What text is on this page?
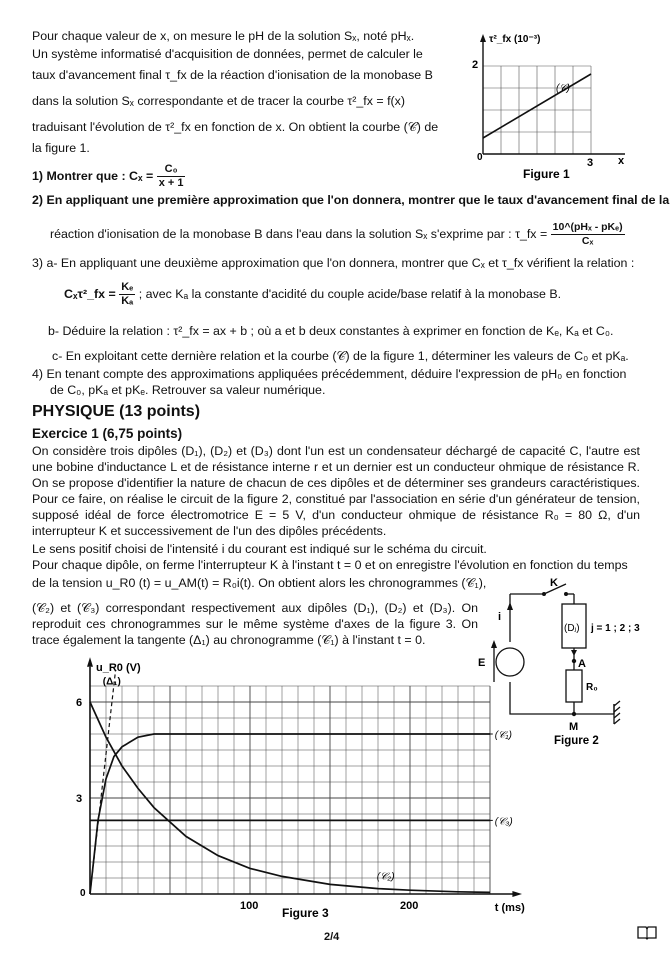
Pour chaque valeur de x, on mesure le pH de la solution Sₓ, noté pHₓ.
Un système informatisé d'acquisition de données, permet de calculer le
taux d'avancement final τ_fx de la réaction d'ionisation de la monobase B
dans la solution Sₓ correspondante et de tracer la courbe τ²_fx = f(x)
traduisant l'évolution de τ²_fx en fonction de x. On obtient la courbe (𝒞) de
la figure 1.
1) Montrer que : $C_x = \frac{\text{C₀}}{x + 1}$
2) En appliquant une première approximation que l'on donnera, montrer que le taux d'avancement final de la
réaction d'ionisation de la monobase B dans l'eau dans la solution Sₓ s'exprime par : τ_fx = $\frac{\text{10\textasciicircum{}(pHₓ - pKₑ)}}{\text{Cₓ}}$
3) a- En appliquant une deuxième approximation que l'on donnera, montrer que Cₓ et τ_fx vérifient la relation :
Cₓτ²_fx = $\frac{\text{Kₑ}}{\text{Kₐ}}$ ; avec Kₐ la constante d'acidité du couple acide/base relatif à la monobase B.
b- Déduire la relation : τ²_fx = ax + b ; où a et b deux constantes à exprimer en fonction de Kₑ, Kₐ et C₀.
c- En exploitant cette dernière relation et la courbe (𝒞) de la figure 1, déterminer les valeurs de C₀ et pKₐ.
4) En tenant compte des approximations appliquées précédemment, déduire l'expression de pH₀ en fonction
de C₀, pKₐ et pKₑ. Retrouver sa valeur numérique.
τ²_fx (10⁻³)
2
0	3 x
(𝒞)
Figure 1
PHYSIQUE (13 points)
Exercice 1 (6,75 points)
On considère trois dipôles (D₁), (D₂) et (D₃) dont l'un est un condensateur déchargé de capacité C, l'autre est une bobine d'inductance L et de résistance interne r et un dernier est un conducteur ohmique de résistance R. On se propose d'identifier la nature de chacun de ces dipôles et de déterminer ses grandeurs caractéristiques. Pour ce faire, on réalise le circuit de la figure 2, constitué par l'association en série d'un générateur de tension, supposé idéal de force électromotrice E = 5 V, d'un conducteur ohmique de résistance R₀ = 80 Ω, d'un interrupteur K et successivement de l'un des dipôles précédents.
Le sens positif choisi de l'intensité i du courant est indiqué sur le schéma du circuit.
Pour chaque dipôle, on ferme l'interrupteur K à l'instant t = 0 et on enregistre l'évolution en fonction du temps
de la tension u_R0 (t) = u_AM(t) = R₀i(t). On obtient alors les chronogrammes (𝒞₁),
(𝒞₂) et (𝒞₃) correspondant respectivement aux dipôles (D₁), (D₂) et (D₃). On reproduit ces chronogrammes sur le même système d'axes de la figure 3. On trace également la tangente (Δ₁) au chronogramme (𝒞₁) à l'instant t = 0.
K
i
E
(Dⱼ) j = 1 ; 2 ; 3
A
R₀
M
Figure 2
(𝒞₁)
(𝒞₂)
(𝒞₃)
(Δ₁)
3
6
100	200
0
u_R0 (V)
t (ms)
Figure 3
2/4
